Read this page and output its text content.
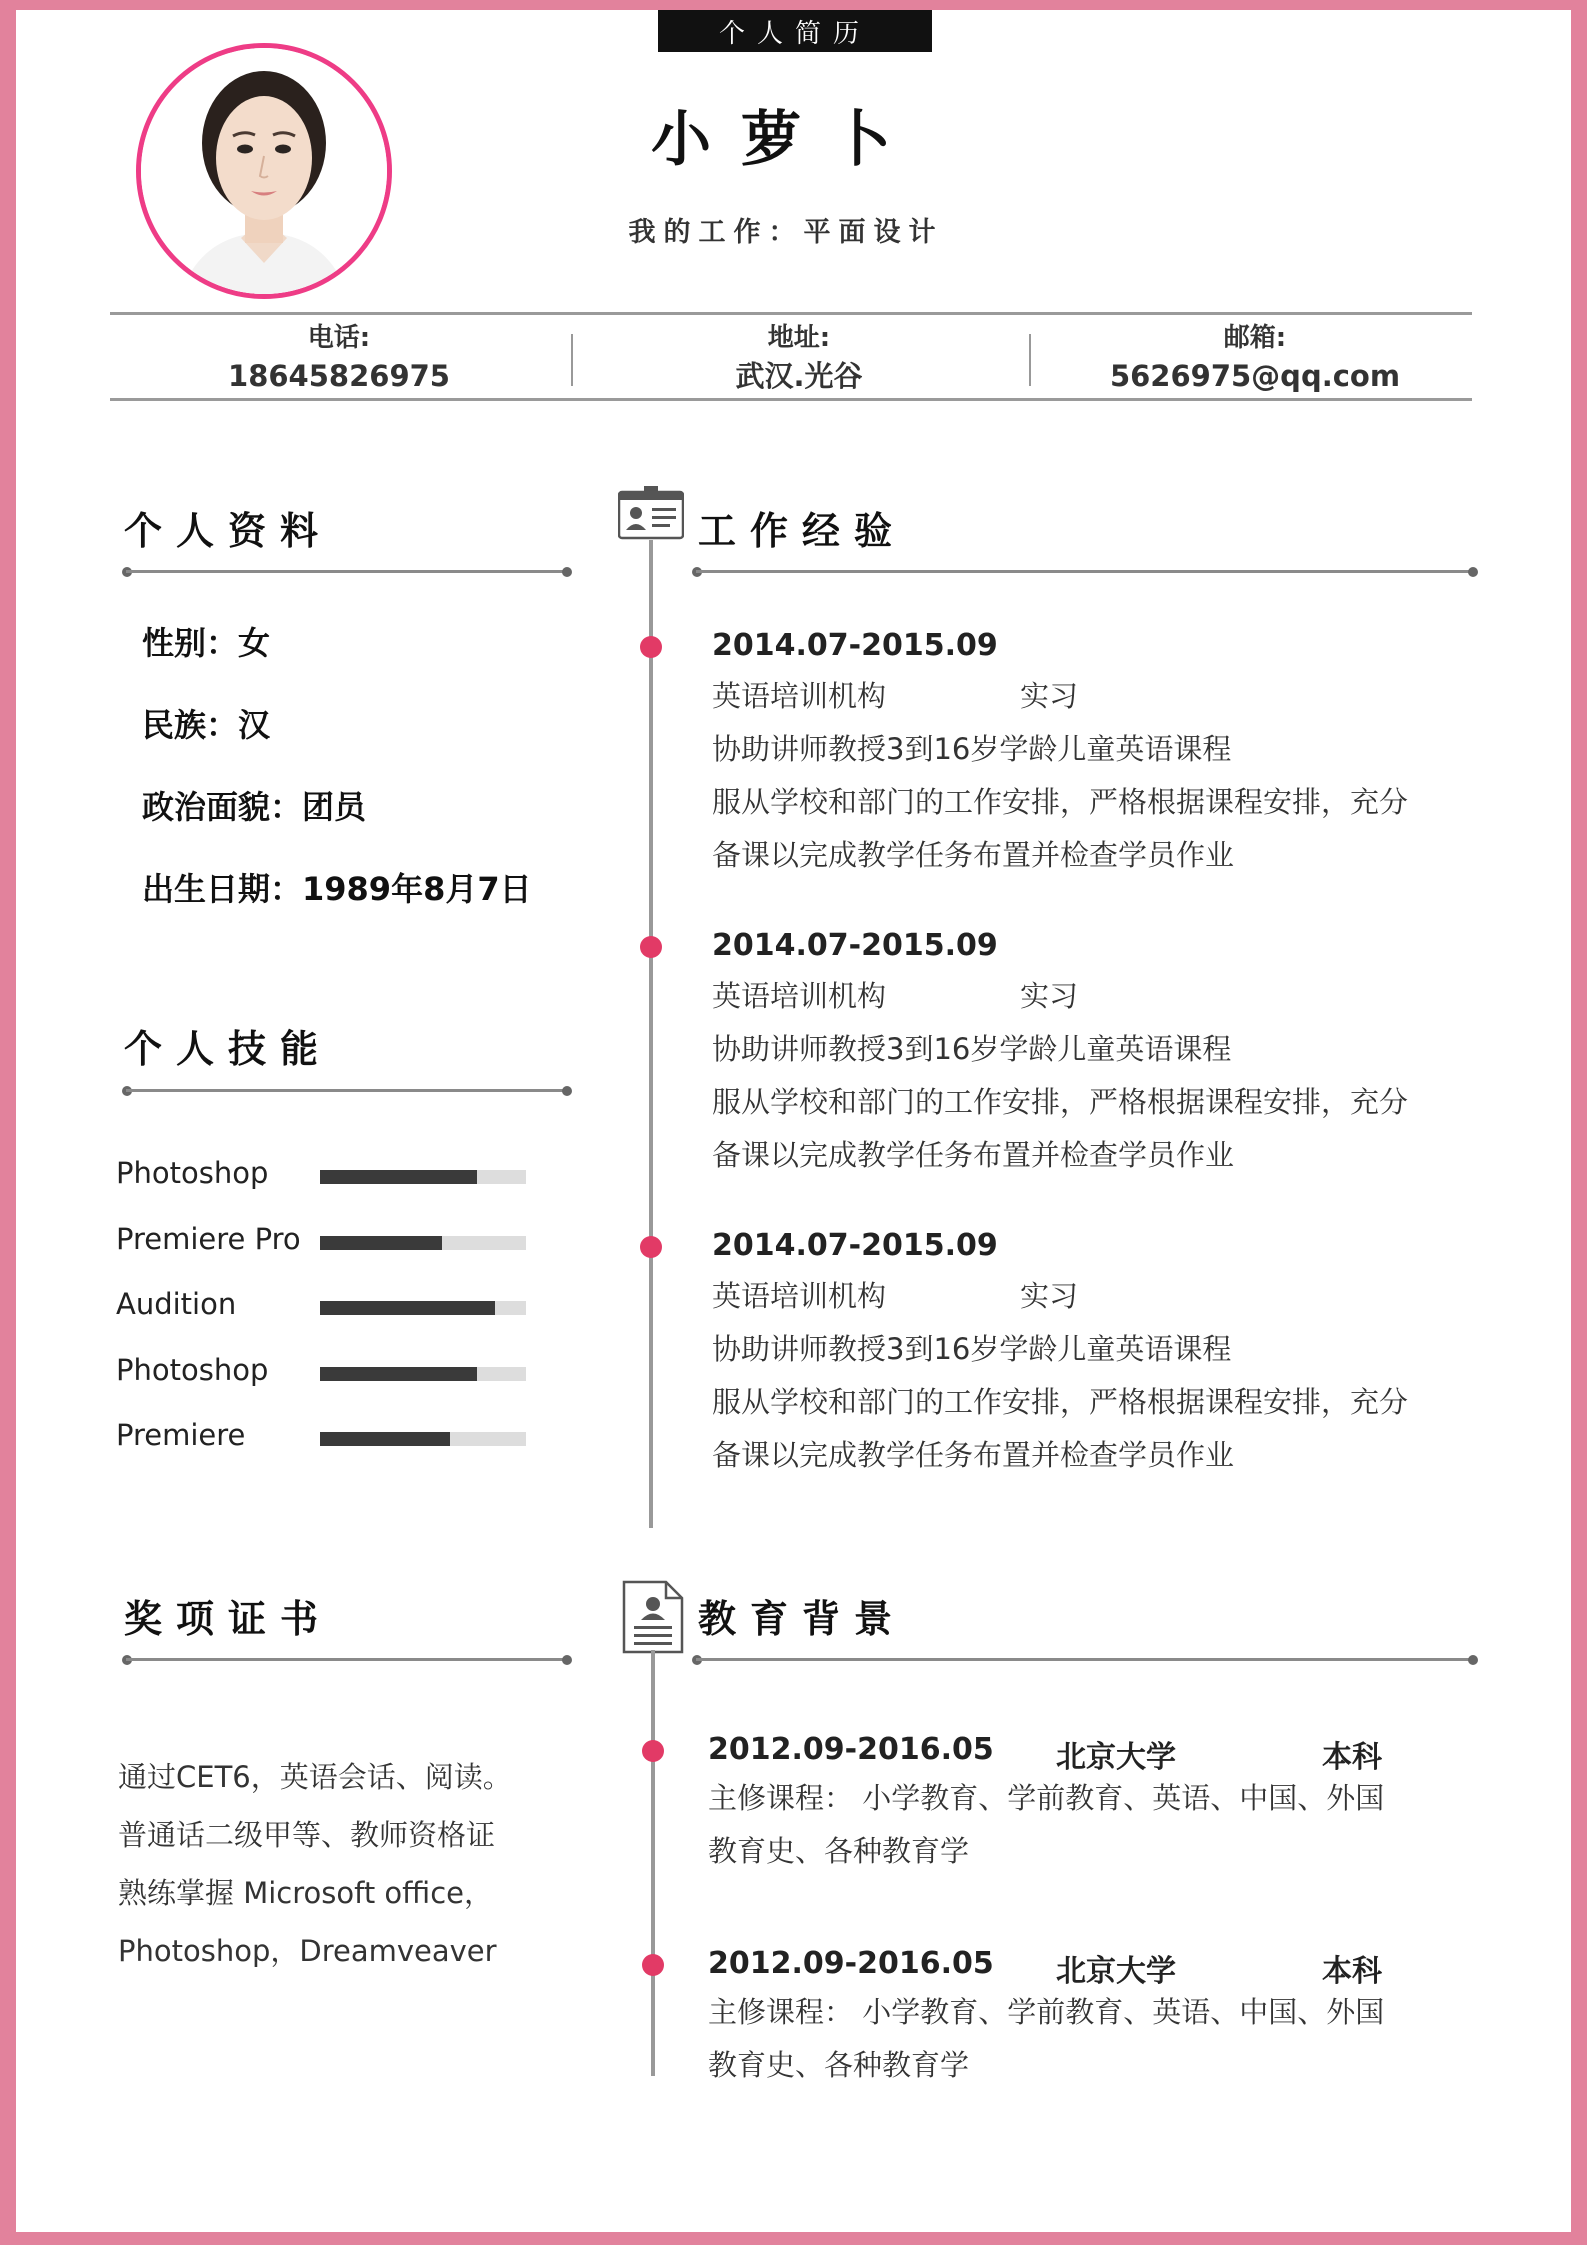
个人简历
小萝卜
我的工作：平面设计
电话:
18645826975
地址:
武汉.光谷
邮箱:
5626975@qq.com
个人资料
性别：女
民族：汉
政治面貌：团员
出生日期：1989年8月7日
个人技能
Photoshop
Premiere Pro
Audition
Photoshop
Premiere
奖项证书
通过CET6，英语会话、阅读。
普通话二级甲等、教师资格证
熟练掌握 Microsoft office，
Photoshop，Dreamveaver
工作经验
2014.07-2015.09
英语培训机构	实习
协助讲师教授3到16岁学龄儿童英语课程
服从学校和部门的工作安排，严格根据课程安排，充分
备课以完成教学任务布置并检查学员作业
2014.07-2015.09
英语培训机构	实习
协助讲师教授3到16岁学龄儿童英语课程
服从学校和部门的工作安排，严格根据课程安排，充分
备课以完成教学任务布置并检查学员作业
2014.07-2015.09
英语培训机构	实习
协助讲师教授3到16岁学龄儿童英语课程
服从学校和部门的工作安排，严格根据课程安排，充分
备课以完成教学任务布置并检查学员作业
教育背景
2012.09-2016.05 北京大学	本科
主修课程： 小学教育、学前教育、英语、中国、外国
教育史、各种教育学
2012.09-2016.05 北京大学	本科
主修课程： 小学教育、学前教育、英语、中国、外国
教育史、各种教育学
